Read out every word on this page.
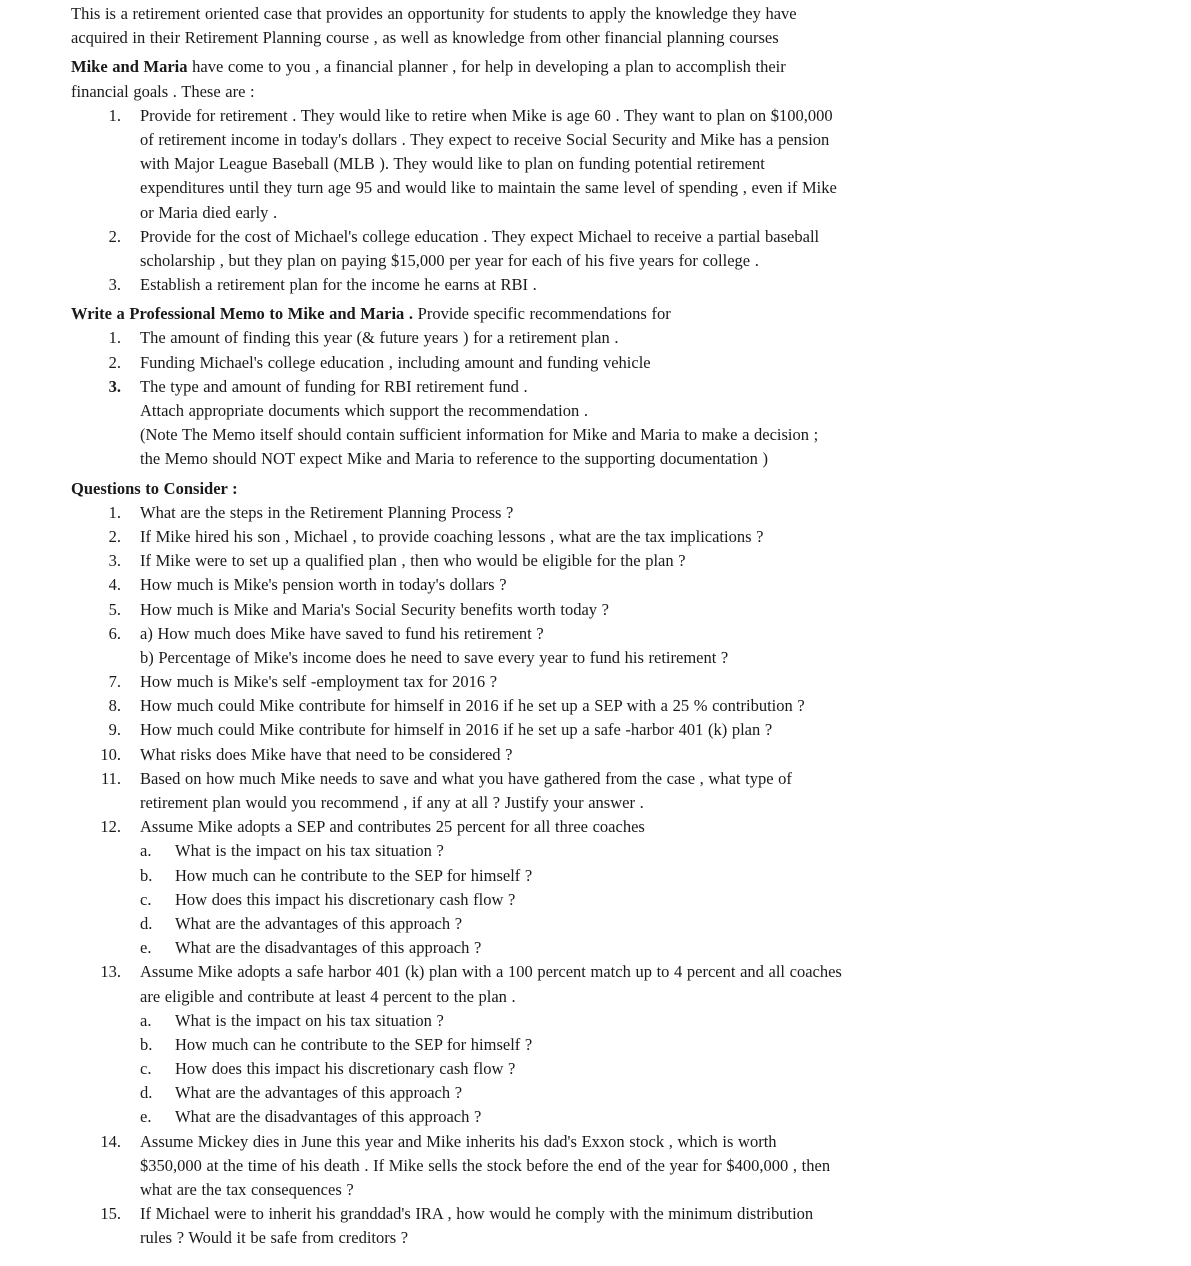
This is a retirement oriented case that provides an opportunity for students to apply the knowledge they have
acquired in their Retirement Planning course , as well as knowledge from other financial planning courses
Mike and Maria have come to you , a financial planner , for help in developing a plan to accomplish their
financial goals . These are :
1. Provide for retirement . They would like to retire when Mike is age 60 . They want to plan on $100,000
of retirement income in today's dollars . They expect to receive Social Security and Mike has a pension
with Major League Baseball (MLB ). They would like to plan on funding potential retirement
expenditures until they turn age 95 and would like to maintain the same level of spending , even if Mike
or Maria died early .
2. Provide for the cost of Michael's college education . They expect Michael to receive a partial baseball
scholarship , but they plan on paying $15,000 per year for each of his five years for college .
3. Establish a retirement plan for the income he earns at RBI .
Write a Professional Memo to Mike and Maria . Provide specific recommendations for
1. The amount of finding this year (& future years ) for a retirement plan .
2. Funding Michael's college education , including amount and funding vehicle
3. The type and amount of funding for RBI retirement fund .
Attach appropriate documents which support the recommendation .
(Note The Memo itself should contain sufficient information for Mike and Maria to make a decision ;
the Memo should NOT expect Mike and Maria to reference to the supporting documentation )
Questions to Consider :
1. What are the steps in the Retirement Planning Process ?
2. If Mike hired his son , Michael , to provide coaching lessons , what are the tax implications ?
3. If Mike were to set up a qualified plan , then who would be eligible for the plan ?
4. How much is Mike's pension worth in today's dollars ?
5. How much is Mike and Maria's Social Security benefits worth today ?
6. a) How much does Mike have saved to fund his retirement ?
b) Percentage of Mike's income does he need to save every year to fund his retirement ?
7. How much is Mike's self -employment tax for 2016 ?
8. How much could Mike contribute for himself in 2016 if he set up a SEP with a 25 % contribution ?
9. How much could Mike contribute for himself in 2016 if he set up a safe -harbor 401 (k) plan ?
10. What risks does Mike have that need to be considered ?
11. Based on how much Mike needs to save and what you have gathered from the case , what type of
retirement plan would you recommend , if any at all ? Justify your answer .
12. Assume Mike adopts a SEP and contributes 25 percent for all three coaches
a.	What is the impact on his tax situation ?
b.	How much can he contribute to the SEP for himself ?
c.	How does this impact his discretionary cash flow ?
d.	What are the advantages of this approach ?
e.	What are the disadvantages of this approach ?
13. Assume Mike adopts a safe harbor 401 (k) plan with a 100 percent match up to 4 percent and all coaches
are eligible and contribute at least 4 percent to the plan .
a.	What is the impact on his tax situation ?
b.	How much can he contribute to the SEP for himself ?
c.	How does this impact his discretionary cash flow ?
d.	What are the advantages of this approach ?
e.	What are the disadvantages of this approach ?
14. Assume Mickey dies in June this year and Mike inherits his dad's Exxon stock , which is worth
$350,000 at the time of his death . If Mike sells the stock before the end of the year for $400,000 , then
what are the tax consequences ?
15. If Michael were to inherit his granddad's IRA , how would he comply with the minimum distribution
rules ? Would it be safe from creditors ?
